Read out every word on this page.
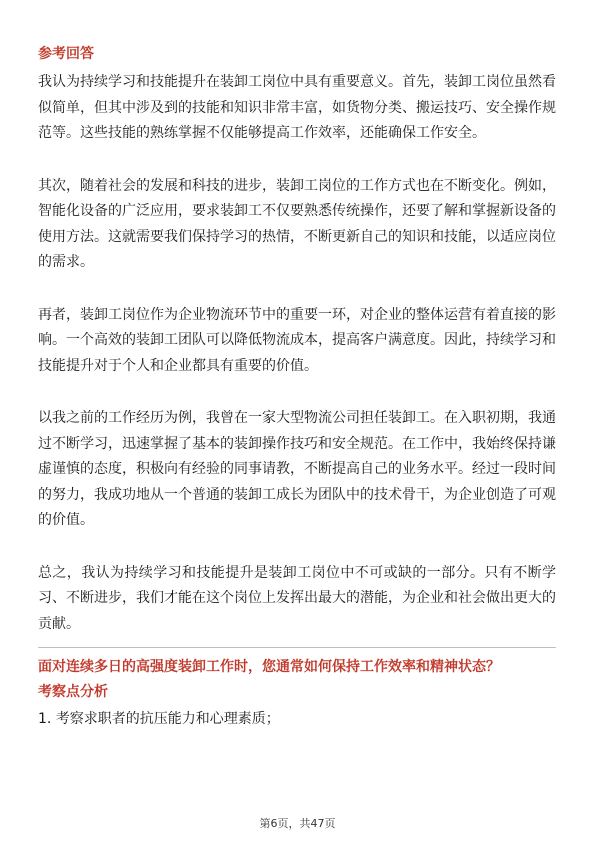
参考回答

我认为持续学习和技能提升在装卸工岗位中具有重要意义。首先，装卸工岗位虽然看似简单，但其中涉及到的技能和知识非常丰富，如货物分类、搬运技巧、安全操作规范等。这些技能的熟练掌握不仅能够提高工作效率，还能确保工作安全。

其次，随着社会的发展和科技的进步，装卸工岗位的工作方式也在不断变化。例如，智能化设备的广泛应用，要求装卸工不仅要熟悉传统操作，还要了解和掌握新设备的使用方法。这就需要我们保持学习的热情，不断更新自己的知识和技能，以适应岗位的需求。

再者，装卸工岗位作为企业物流环节中的重要一环，对企业的整体运营有着直接的影响。一个高效的装卸工团队可以降低物流成本，提高客户满意度。因此，持续学习和技能提升对于个人和企业都具有重要的价值。

以我之前的工作经历为例，我曾在一家大型物流公司担任装卸工。在入职初期，我通过不断学习，迅速掌握了基本的装卸操作技巧和安全规范。在工作中，我始终保持谦虚谨慎的态度，积极向有经验的同事请教，不断提高自己的业务水平。经过一段时间的努力，我成功地从一个普通的装卸工成长为团队中的技术骨干，为企业创造了可观的价值。

总之，我认为持续学习和技能提升是装卸工岗位中不可或缺的一部分。只有不断学习、不断进步，我们才能在这个岗位上发挥出最大的潜能，为企业和社会做出更大的贡献。

面对连续多日的高强度装卸工作时，您通常如何保持工作效率和精神状态？
考察点分析

1. 考察求职者的抗压能力和心理素质；

第6页，共47页
